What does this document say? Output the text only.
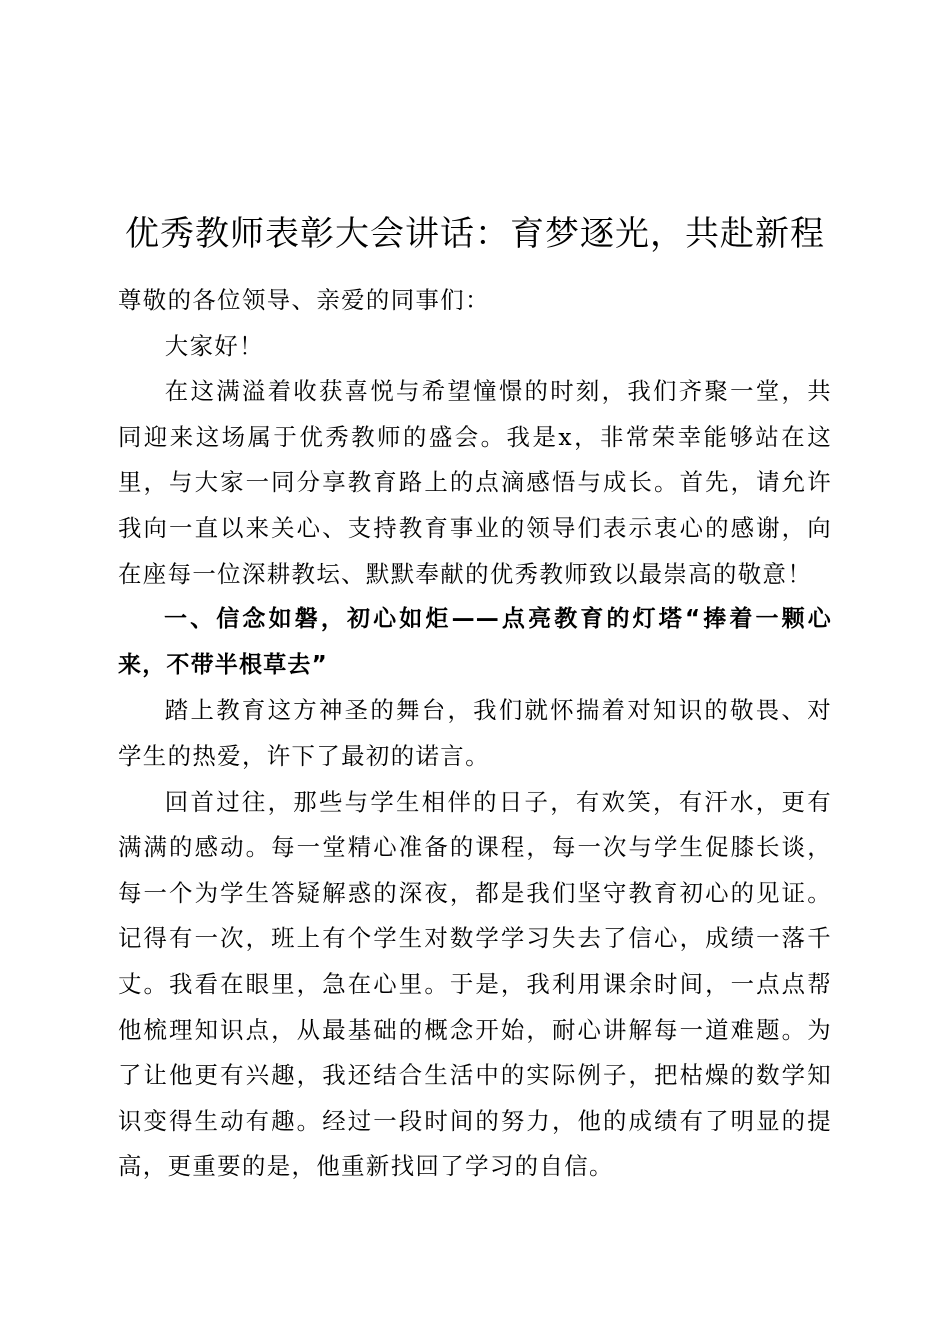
优秀教师表彰大会讲话：育梦逐光，共赴新程

尊敬的各位领导、亲爱的同事们：

大家好！

在这满溢着收获喜悦与希望憧憬的时刻，我们齐聚一堂，共同迎来这场属于优秀教师的盛会。我是x，非常荣幸能够站在这里，与大家一同分享教育路上的点滴感悟与成长。首先，请允许我向一直以来关心、支持教育事业的领导们表示衷心的感谢，向在座每一位深耕教坛、默默奉献的优秀教师致以最崇高的敬意！

一、信念如磐，初心如炬——点亮教育的灯塔“捧着一颗心来，不带半根草去”

踏上教育这方神圣的舞台，我们就怀揣着对知识的敬畏、对学生的热爱，许下了最初的诺言。

回首过往，那些与学生相伴的日子，有欢笑，有汗水，更有满满的感动。每一堂精心准备的课程，每一次与学生促膝长谈，每一个为学生答疑解惑的深夜，都是我们坚守教育初心的见证。记得有一次，班上有个学生对数学学习失去了信心，成绩一落千丈。我看在眼里，急在心里。于是，我利用课余时间，一点点帮他梳理知识点，从最基础的概念开始，耐心讲解每一道难题。为了让他更有兴趣，我还结合生活中的实际例子，把枯燥的数学知识变得生动有趣。经过一段时间的努力，他的成绩有了明显的提高，更重要的是，他重新找回了学习的自信。
